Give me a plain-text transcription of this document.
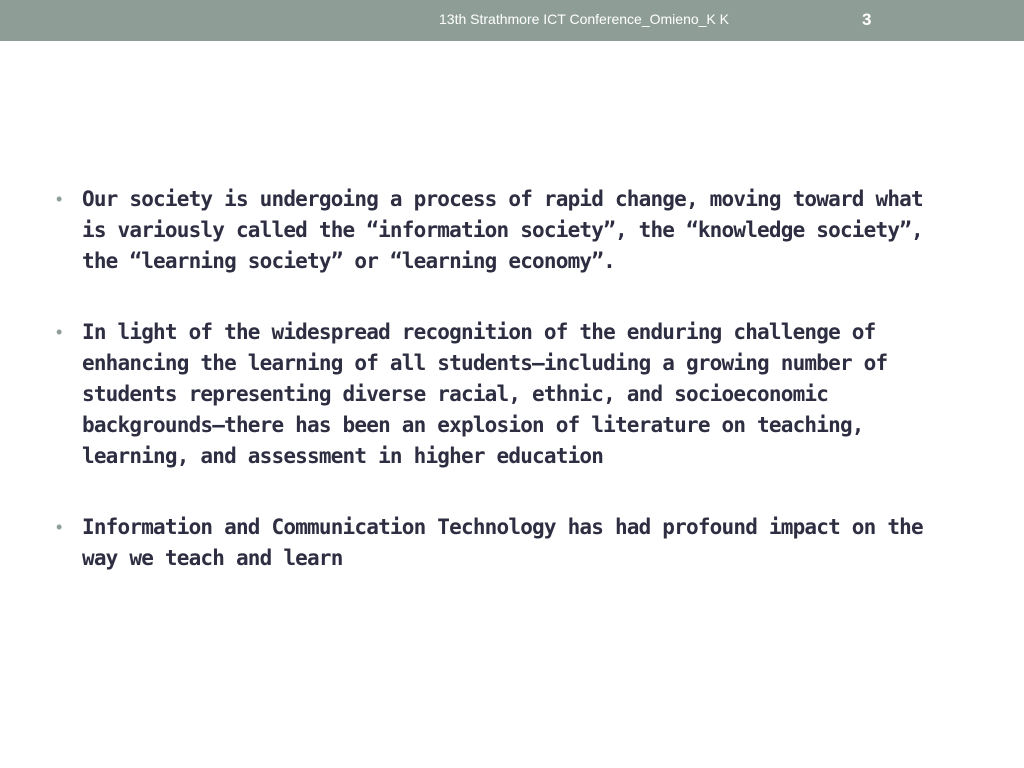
13th Strathmore ICT Conference_Omieno_K K	3
• Our society is undergoing a process of rapid change, moving toward what is variously called the “information society”, the “knowledge society”, the “learning society” or “learning economy”.
• In light of the widespread recognition of the enduring challenge of enhancing the learning of all students—including a growing number of students representing diverse racial, ethnic, and socioeconomic backgrounds—there has been an explosion of literature on teaching, learning, and assessment in higher education
• Information and Communication Technology has had profound impact on the way we teach and learn
